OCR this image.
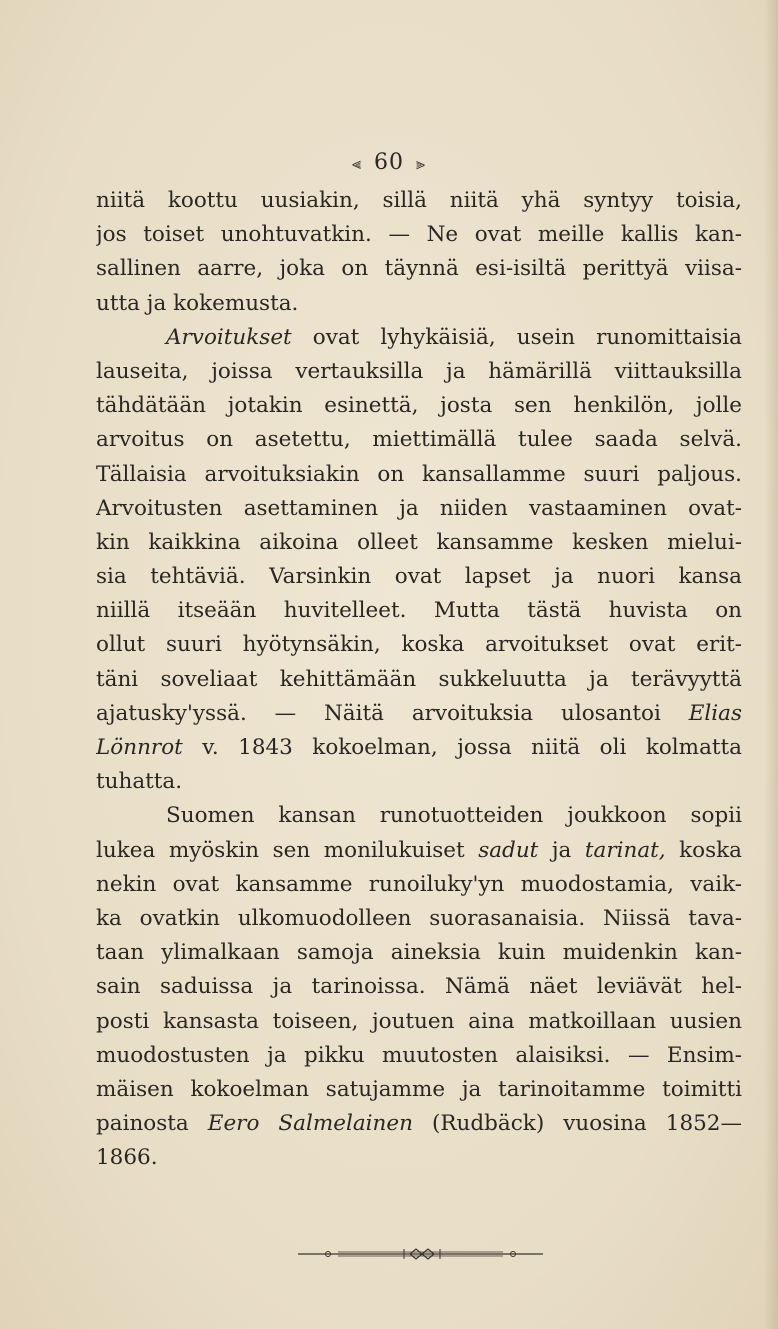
⫷ 60 ⫸
niitä koottu uusiakin, sillä niitä yhä syntyy toisia,
jos toiset unohtuvatkin. — Ne ovat meille kallis kan-
sallinen aarre, joka on täynnä esi-isiltä perittyä viisa-
utta ja kokemusta.
Arvoitukset ovat lyhykäisiä, usein runomittaisia
lauseita, joissa vertauksilla ja hämärillä viittauksilla
tähdätään jotakin esinettä, josta sen henkilön, jolle
arvoitus on asetettu, miettimällä tulee saada selvä.
Tällaisia arvoituksiakin on kansallamme suuri paljous.
Arvoitusten asettaminen ja niiden vastaaminen ovat-
kin kaikkina aikoina olleet kansamme kesken mielui-
sia tehtäviä. Varsinkin ovat lapset ja nuori kansa
niillä itseään huvitelleet. Mutta tästä huvista on
ollut suuri hyötynsäkin, koska arvoitukset ovat erit-
täni soveliaat kehittämään sukkeluutta ja terävyyttä
ajatusky'yssä. — Näitä arvoituksia ulosantoi Elias
Lönnrot v. 1843 kokoelman, jossa niitä oli kolmatta
tuhatta.
Suomen kansan runotuotteiden joukkoon sopii
lukea myöskin sen monilukuiset sadut ja tarinat, koska
nekin ovat kansamme runoiluky'yn muodostamia, vaik-
ka ovatkin ulkomuodolleen suorasanaisia. Niissä tava-
taan ylimalkaan samoja aineksia kuin muidenkin kan-
sain saduissa ja tarinoissa. Nämä näet leviävät hel-
posti kansasta toiseen, joutuen aina matkoillaan uusien
muodostusten ja pikku muutosten alaisiksi. — Ensim-
mäisen kokoelman satujamme ja tarinoitamme toimitti
painosta Eero Salmelainen (Rudbäck) vuosina 1852—
1866.
